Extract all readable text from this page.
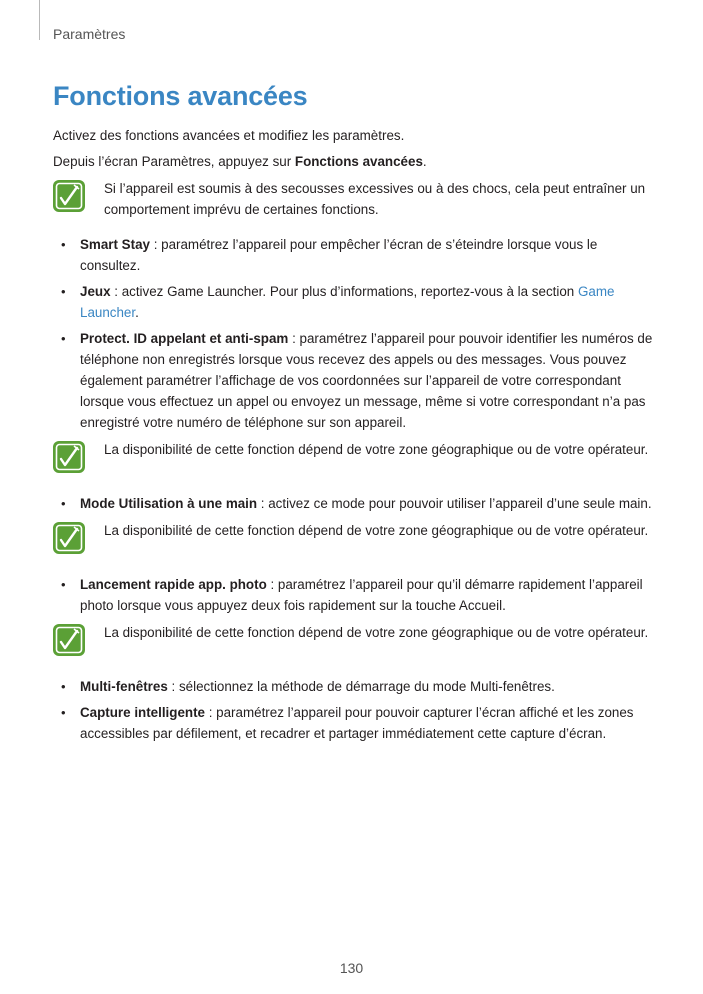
Paramètres
Fonctions avancées

Activez des fonctions avancées et modifiez les paramètres.

Depuis l’écran Paramètres, appuyez sur Fonctions avancées.

Si l’appareil est soumis à des secousses excessives ou à des chocs, cela peut entraîner un comportement imprévu de certaines fonctions.
• Smart Stay : paramétrez l’appareil pour empêcher l’écran de s’éteindre lorsque vous le consultez.
• Jeux : activez Game Launcher. Pour plus d’informations, reportez-vous à la section Game Launcher.
• Protect. ID appelant et anti-spam : paramétrez l’appareil pour pouvoir identifier les numéros de téléphone non enregistrés lorsque vous recevez des appels ou des messages. Vous pouvez également paramétrer l’affichage de vos coordonnées sur l’appareil de votre correspondant lorsque vous effectuez un appel ou envoyez un message, même si votre correspondant n’a pas enregistré votre numéro de téléphone sur son appareil.
La disponibilité de cette fonction dépend de votre zone géographique ou de votre opérateur.
• Mode Utilisation à une main : activez ce mode pour pouvoir utiliser l’appareil d’une seule main.
La disponibilité de cette fonction dépend de votre zone géographique ou de votre opérateur.
• Lancement rapide app. photo : paramétrez l’appareil pour qu’il démarre rapidement l’appareil photo lorsque vous appuyez deux fois rapidement sur la touche Accueil.
La disponibilité de cette fonction dépend de votre zone géographique ou de votre opérateur.
• Multi-fenêtres : sélectionnez la méthode de démarrage du mode Multi-fenêtres.
• Capture intelligente : paramétrez l’appareil pour pouvoir capturer l’écran affiché et les zones accessibles par défilement, et recadrer et partager immédiatement cette capture d’écran.
130
